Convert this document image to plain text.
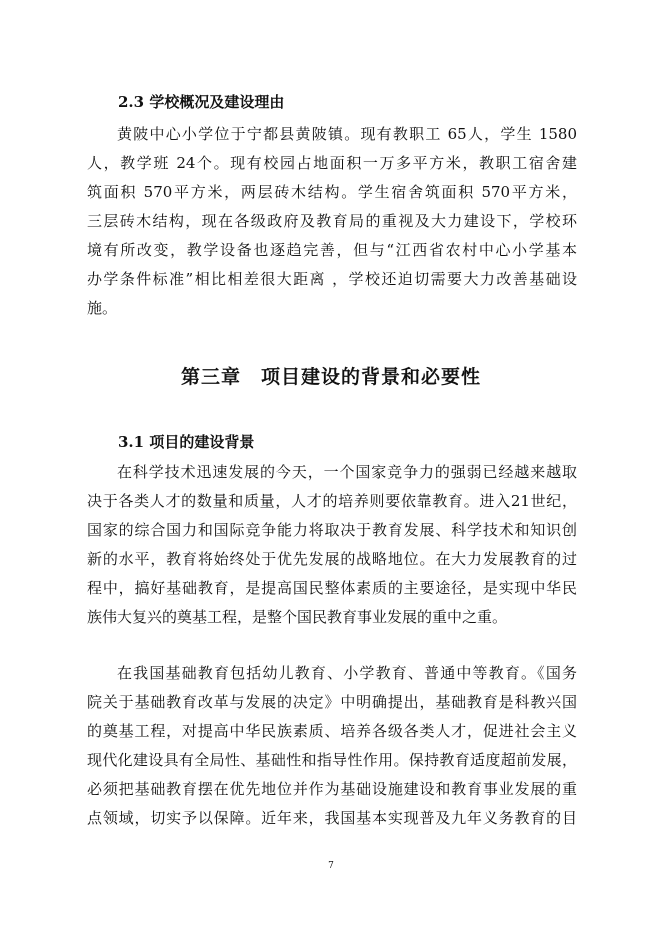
2.3 学校概况及建设理由
黄陂中心小学位于宁都县黄陂镇。现有教职工 65人，学生 1580
人，教学班 24个。现有校园占地面积一万多平方米，教职工宿舍建
筑面积 570平方米，两层砖木结构。学生宿舍筑面积 570平方米，
三层砖木结构，现在各级政府及教育局的重视及大力建设下，学校环
境有所改变，教学设备也逐趋完善，但与“江西省农村中心小学基本
办学条件标准”相比相差很大距离 ，学校还迫切需要大力改善基础设
施。
第三章　项目建设的背景和必要性
3.1 项目的建设背景
在科学技术迅速发展的今天，一个国家竞争力的强弱已经越来越取
决于各类人才的数量和质量，人才的培养则要依靠教育。进入21世纪，
国家的综合国力和国际竞争能力将取决于教育发展、科学技术和知识创
新的水平，教育将始终处于优先发展的战略地位。在大力发展教育的过
程中，搞好基础教育，是提高国民整体素质的主要途径，是实现中华民
族伟大复兴的奠基工程，是整个国民教育事业发展的重中之重。
在我国基础教育包括幼儿教育、小学教育、普通中等教育。《国务
院关于基础教育改革与发展的决定》中明确提出，基础教育是科教兴国
的奠基工程，对提高中华民族素质、培养各级各类人才，促进社会主义
现代化建设具有全局性、基础性和指导性作用。保持教育适度超前发展，
必须把基础教育摆在优先地位并作为基础设施建设和教育事业发展的重
点领域，切实予以保障。近年来，我国基本实现普及九年义务教育的目
7
